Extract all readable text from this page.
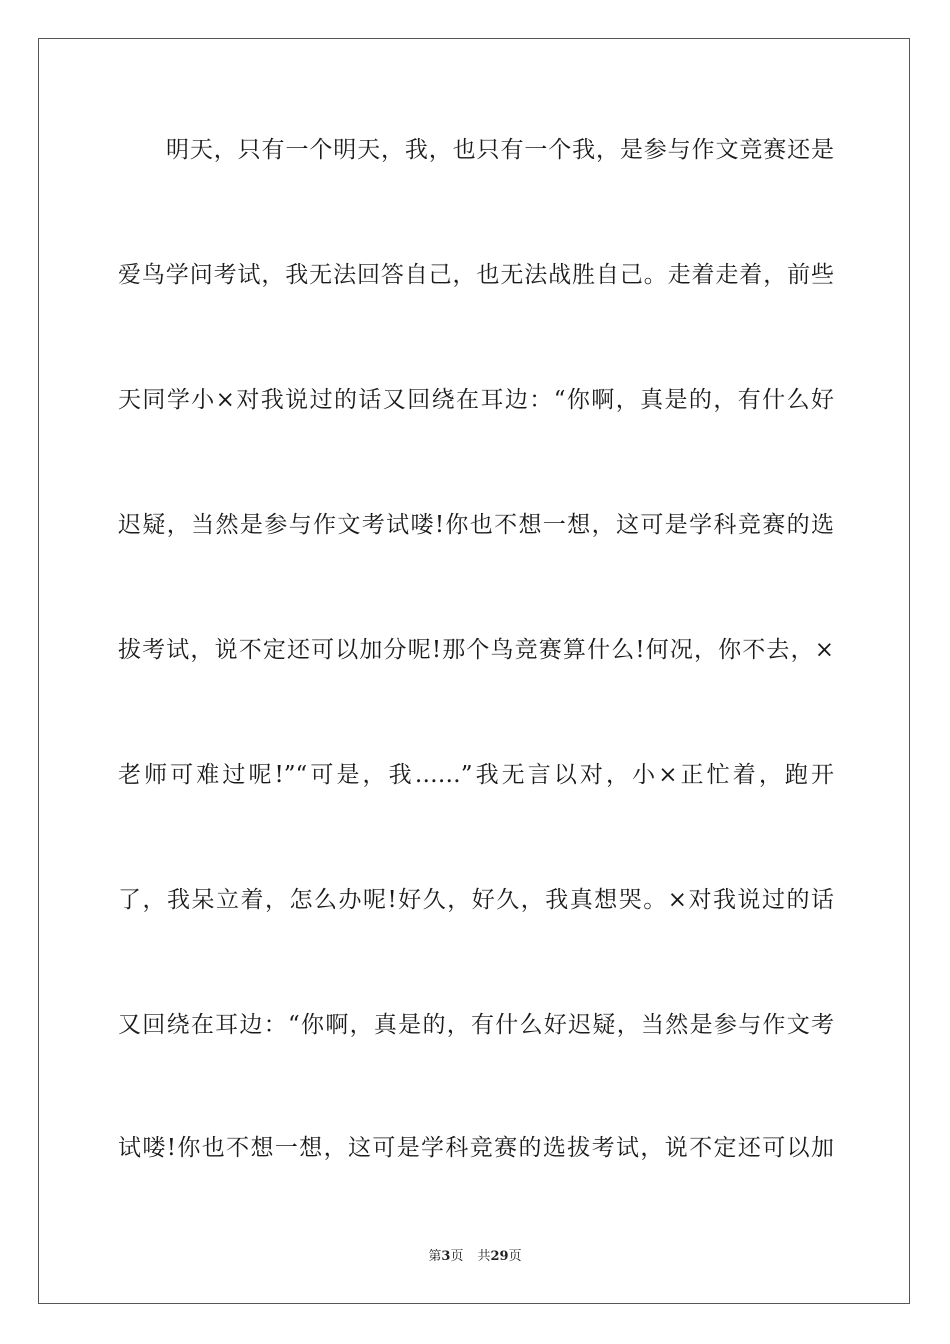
明天，只有一个明天，我，也只有一个我，是参与作文竞赛还是
爱鸟学问考试，我无法回答自己，也无法战胜自己。走着走着，前些
天同学小×对我说过的话又回绕在耳边：“你啊，真是的，有什么好
迟疑，当然是参与作文考试喽!你也不想一想，这可是学科竞赛的选
拔考试，说不定还可以加分呢!那个鸟竞赛算什么!何况，你不去，×
老师可难过呢!”“可是，我……”我无言以对，小×正忙着，跑开
了，我呆立着，怎么办呢!好久，好久，我真想哭。×对我说过的话
又回绕在耳边：“你啊，真是的，有什么好迟疑，当然是参与作文考
试喽!你也不想一想，这可是学科竞赛的选拔考试，说不定还可以加
第3页 共29页
